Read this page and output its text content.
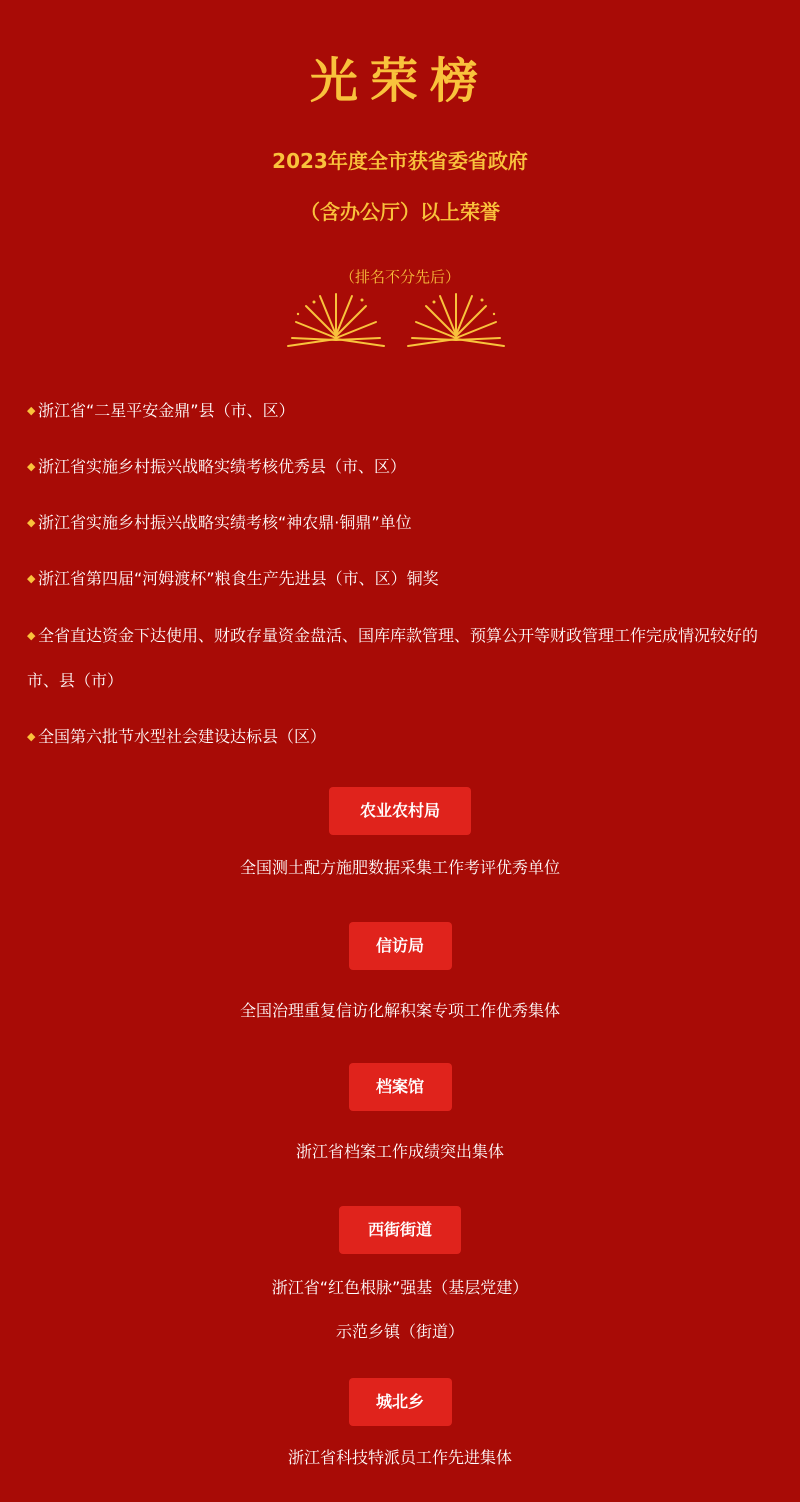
光荣榜
2023年度全市获省委省政府
（含办公厅）以上荣誉
（排名不分先后）
◆ 浙江省“二星平安金鼎”县（市、区）
◆ 浙江省实施乡村振兴战略实绩考核优秀县（市、区）
◆ 浙江省实施乡村振兴战略实绩考核“神农鼎·铜鼎”单位
◆ 浙江省第四届“河姆渡杯”粮食生产先进县（市、区）铜奖
◆ 全省直达资金下达使用、财政存量资金盘活、国库库款管理、预算公开等财政管理工作完成情况较好的市、县（市）
◆ 全国第六批节水型社会建设达标县（区）
农业农村局
全国测土配方施肥数据采集工作考评优秀单位
信访局
全国治理重复信访化解积案专项工作优秀集体
档案馆
浙江省档案工作成绩突出集体
西街街道
浙江省“红色根脉”强基（基层党建）
示范乡镇（街道）
城北乡
浙江省科技特派员工作先进集体
